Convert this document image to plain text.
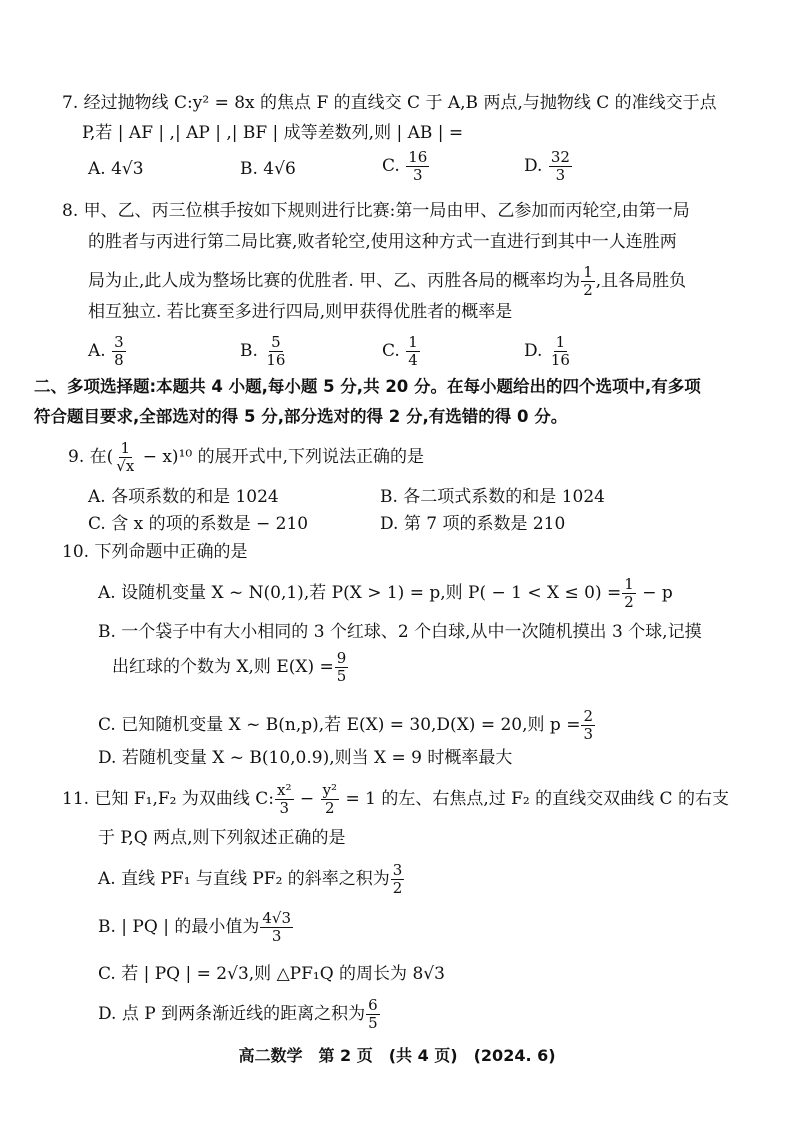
7. 经过抛物线 C:y² = 8x 的焦点 F 的直线交 C 于 A,B 两点,与抛物线 C 的准线交于点
P,若 | AF | ,| AP | ,| BF | 成等差数列,则 | AB | =
A. 4√3	B. 4√6	C. $\frac{16}{3}$	D. $\frac{32}{3}$
8. 甲、乙、丙三位棋手按如下规则进行比赛:第一局由甲、乙参加而丙轮空,由第一局
的胜者与丙进行第二局比赛,败者轮空,使用这种方式一直进行到其中一人连胜两
局为止,此人成为整场比赛的优胜者. 甲、乙、丙胜各局的概率均为 $\frac{1}{2}$ ,且各局胜负
相互独立. 若比赛至多进行四局,则甲获得优胜者的概率是
A. $\frac{3}{8}$	B. $\frac{5}{16}$	C. $\frac{1}{4}$	D. $\frac{1}{16}$
二、多项选择题:本题共 4 小题,每小题 5 分,共 20 分。在每小题给出的四个选项中,有多项
符合题目要求,全部选对的得 5 分,部分选对的得 2 分,有选错的得 0 分。
9. 在( $\frac{1}{√x} - x)^{10}$ 的展开式中,下列说法正确的是
A. 各项系数的和是 1024	B. 各二项式系数的和是 1024
C. 含 x 的项的系数是 − 210	D. 第 7 项的系数是 210
10. 下列命题中正确的是
A. 设随机变量 X ~ N(0,1),若 P(X > 1) = p,则 $P( - 1 < X \le 0) = \frac{1}{2} - p$
B. 一个袋子中有大小相同的 3 个红球、2 个白球,从中一次随机摸出 3 个球,记摸
出红球的个数为 X,则 $E(X) = \frac{9}{5}$
C. 已知随机变量 X ~ B(n,p),若 E(X) = 30,D(X) = 20,则 $p = \frac{2}{3}$
D. 若随机变量 X ~ B(10,0.9),则当 X = 9 时概率最大
11. 已知 F₁,F₂ 为双曲线 C: $\frac{\text{x²}}{3} - \frac{\text{y²}}{2} = 1$ 的左、右焦点,过 F₂ 的直线交双曲线 C 的右支
于 P,Q 两点,则下列叙述正确的是
A. 直线 PF₁ 与直线 PF₂ 的斜率之积为 $\frac{3}{2}$
B. | PQ | 的最小值为 $\frac{4√3}{3}$
C. 若 | PQ | = 2√3,则 △PF₁Q 的周长为 8√3
D. 点 P 到两条渐近线的距离之积为 $\frac{6}{5}$
高二数学　第 2 页　(共 4 页)　(2024. 6)
